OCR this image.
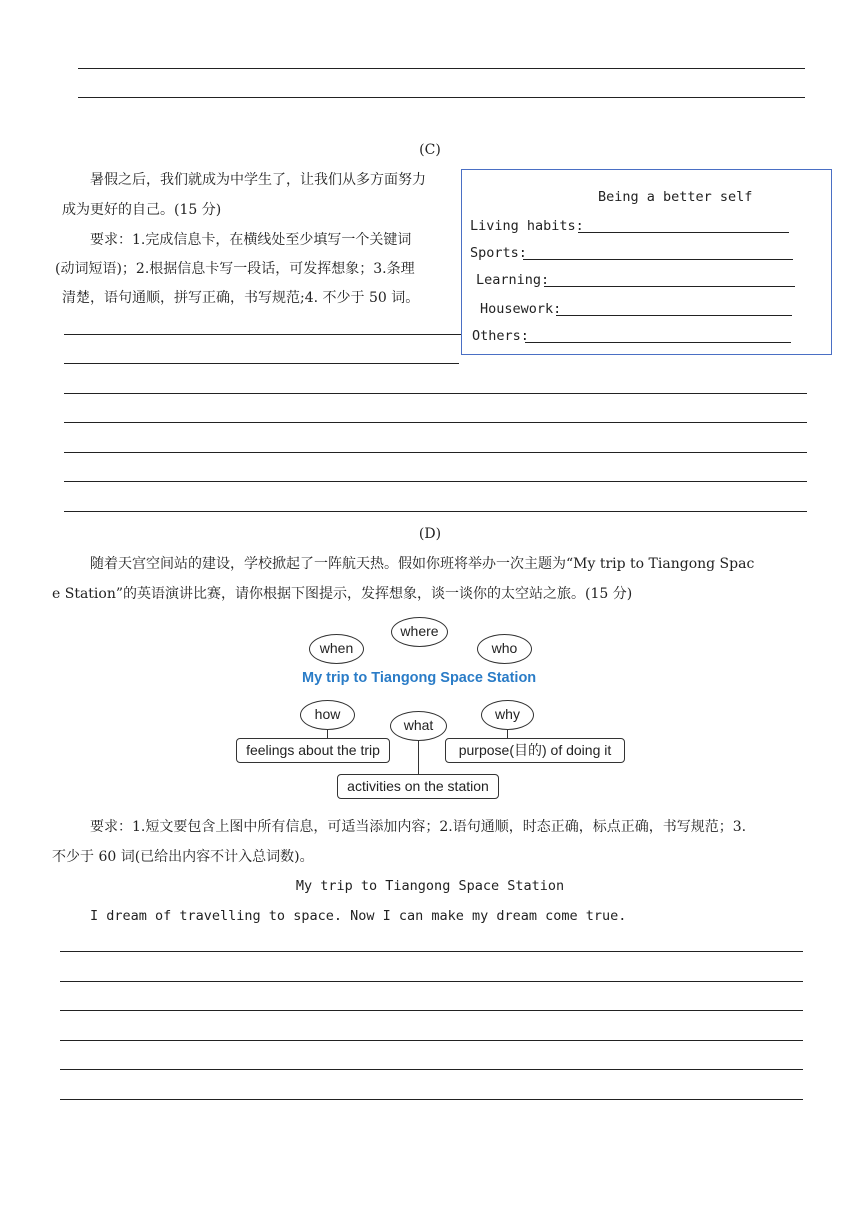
(C)
暑假之后，我们就成为中学生了，让我们从多方面努力
成为更好的自己。(15 分)
要求：1.完成信息卡，在横线处至少填写一个关键词
(动词短语)；2.根据信息卡写一段话，可发挥想象；3.条理
清楚，语句通顺，拼写正确，书写规范;4. 不少于 50 词。
Being a better self
Living habits:
Sports:
Learning:
Housework:
Others:
(D)
随着天宫空间站的建设，学校掀起了一阵航天热。假如你班将举办一次主题为“My trip to Tiangong Spac
e Station”的英语演讲比赛，请你根据下图提示，发挥想象，谈一谈你的太空站之旅。(15 分)
where
when	who
My trip to Tiangong Space Station
how
what
why
feelings about the trip	purpose(目的) of doing it
activities on the station
要求：1.短文要包含上图中所有信息，可适当添加内容；2.语句通顺，时态正确，标点正确，书写规范；3.
不少于 60 词(已给出内容不计入总词数)。
My trip to Tiangong Space Station
I dream of travelling to space. Now I can make my dream come true.
